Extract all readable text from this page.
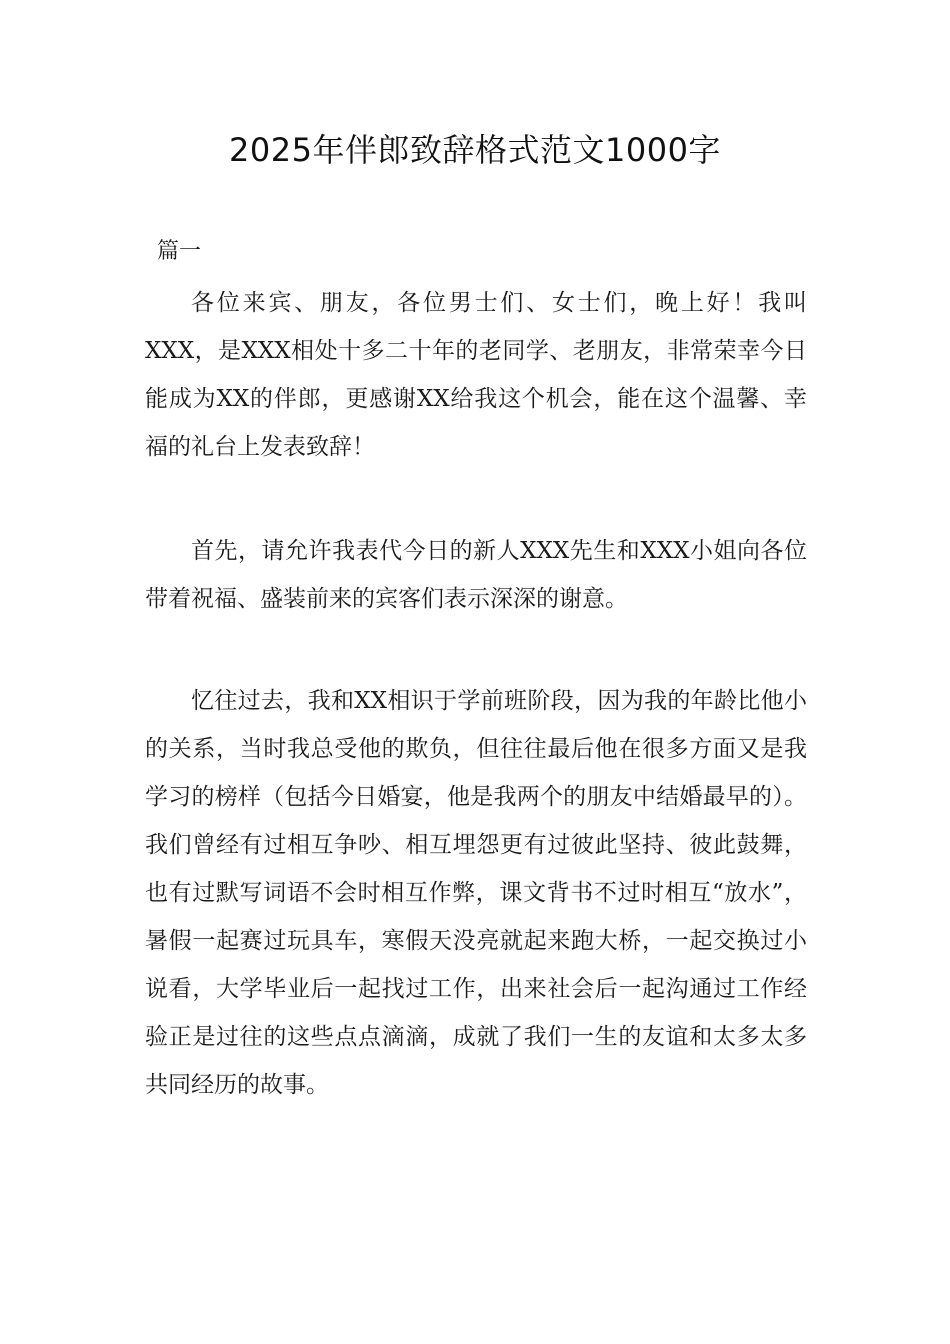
2025年伴郎致辞格式范文1000字
篇一

各位来宾、朋友，各位男士们、女士们，晚上好！我叫XXX，是XXX相处十多二十年的老同学、老朋友，非常荣幸今日能成为XX的伴郎，更感谢XX给我这个机会，能在这个温馨、幸福的礼台上发表致辞！

首先，请允许我表代今日的新人XXX先生和XXX小姐向各位带着祝福、盛装前来的宾客们表示深深的谢意。

忆往过去，我和XX相识于学前班阶段，因为我的年龄比他小的关系，当时我总受他的欺负，但往往最后他在很多方面又是我学习的榜样（包括今日婚宴，他是我两个的朋友中结婚最早的）。我们曾经有过相互争吵、相互埋怨更有过彼此坚持、彼此鼓舞，也有过默写词语不会时相互作弊，课文背书不过时相互“放水”，暑假一起赛过玩具车，寒假天没亮就起来跑大桥，一起交换过小说看，大学毕业后一起找过工作，出来社会后一起沟通过工作经验正是过往的这些点点滴滴，成就了我们一生的友谊和太多太多共同经历的故事。
